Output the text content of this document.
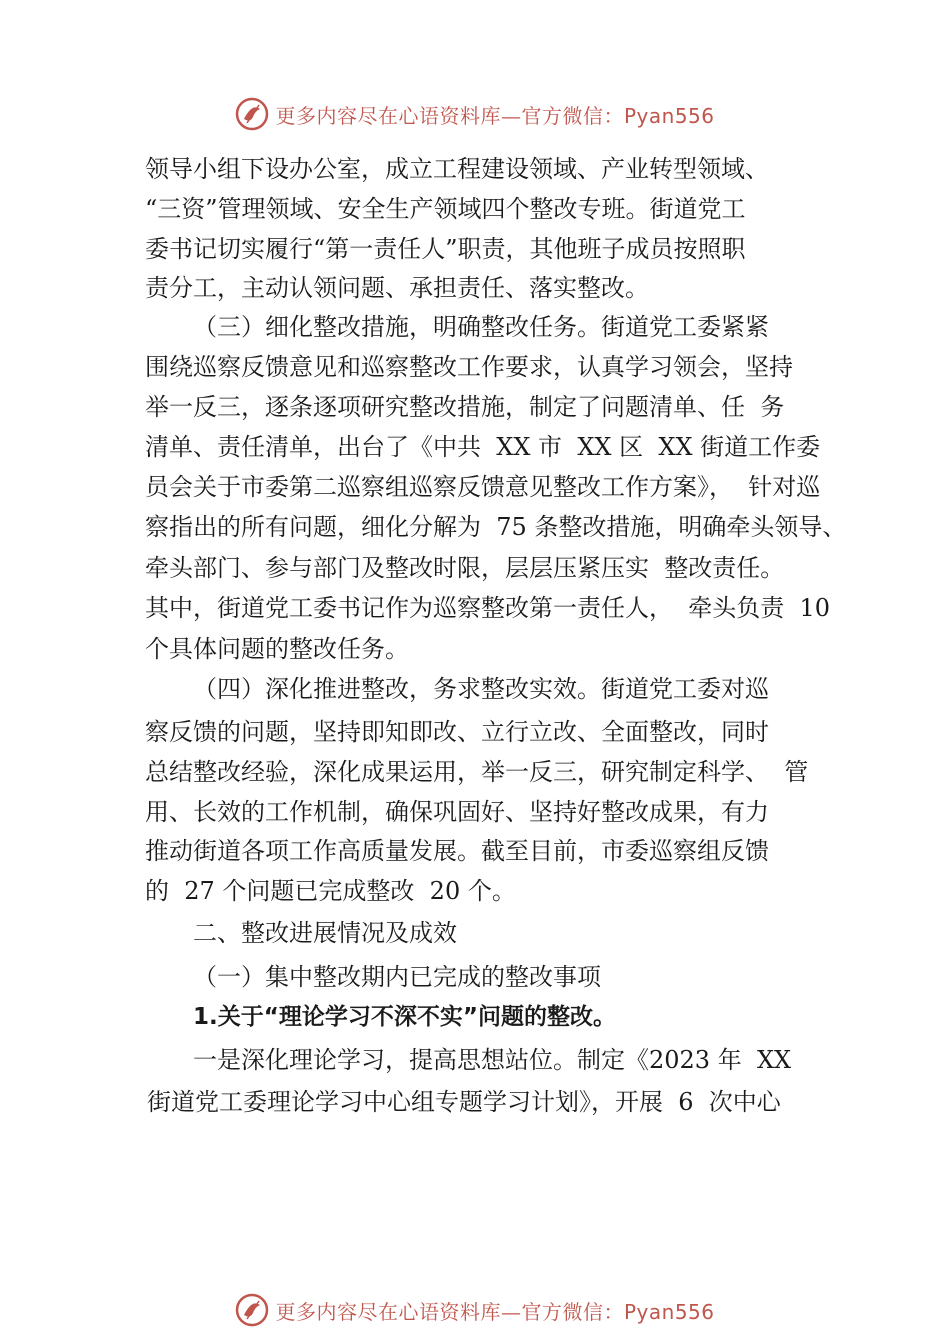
更多内容尽在心语资料库—官方微信：Pyan556
领导小组下设办公室，成立工程建设领域、产业转型领域、
“三资”管理领域、安全生产领域四个整改专班。街道党工
委书记切实履行“第一责任人”职责，其他班子成员按照职
责分工，主动认领问题、承担责任、落实整改。
（三）细化整改措施，明确整改任务。街道党工委紧紧
围绕巡察反馈意见和巡察整改工作要求，认真学习领会，坚持
举一反三，逐条逐项研究整改措施，制定了问题清单、任  务
清单、责任清单，出台了《中共  XX 市  XX 区  XX 街道工作委
员会关于市委第二巡察组巡察反馈意见整改工作方案》，  针对巡
察指出的所有问题，细化分解为  75 条整改措施，明确牵头领导、
牵头部门、参与部门及整改时限，层层压紧压实  整改责任。
其中，街道党工委书记作为巡察整改第一责任人，  牵头负责  10
个具体问题的整改任务。
（四）深化推进整改，务求整改实效。街道党工委对巡
察反馈的问题，坚持即知即改、立行立改、全面整改，同时
总结整改经验，深化成果运用，举一反三，研究制定科学、  管
用、长效的工作机制，确保巩固好、坚持好整改成果，有力
推动街道各项工作高质量发展。截至目前，市委巡察组反馈
的  27 个问题已完成整改  20 个。
二、整改进展情况及成效
（一）集中整改期内已完成的整改事项
1.关于“理论学习不深不实”问题的整改。
一是深化理论学习，提高思想站位。制定《2023 年  XX
街道党工委理论学习中心组专题学习计划》，开展  6  次中心
更多内容尽在心语资料库—官方微信：Pyan556
